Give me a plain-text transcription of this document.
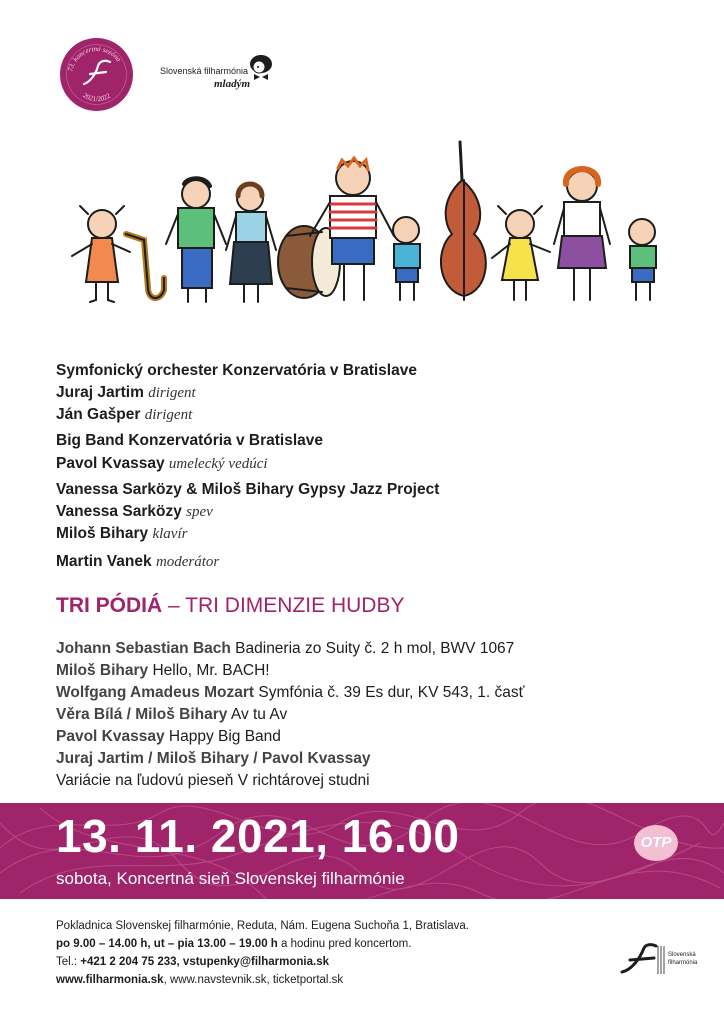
73. koncertná sezóna
2021/2022
Slovenská filharmónia
mladým
Symfonický orchester Konzervatória v Bratislave
Juraj Jartim dirigent
Ján Gašper dirigent
Big Band Konzervatória v Bratislave
Pavol Kvassay umelecký vedúci
Vanessa Sarközy & Miloš Bihary Gypsy Jazz Project
Vanessa Sarközy spev
Miloš Bihary klavír
Martin Vanek moderátor
TRI PÓDIÁ – TRI DIMENZIE HUDBY
Johann Sebastian Bach Badineria zo Suity č. 2 h mol, BWV 1067
Miloš Bihary Hello, Mr. BACH!
Wolfgang Amadeus Mozart Symfónia č. 39 Es dur, KV 543, 1. časť
Věra Bílá / Miloš Bihary Av tu Av
Pavol Kvassay Happy Big Band
Juraj Jartim / Miloš Bihary / Pavol Kvassay
Variácie na ľudovú pieseň V richtárovej studni
13. 11. 2021, 16.00
sobota, Koncertná sieň Slovenskej filharmónie
OTP
Pokladnica Slovenskej filharmónie, Reduta, Nám. Eugena Suchoňa 1, Bratislava.
po 9.00 – 14.00 h, ut – pia 13.00 – 19.00 h a hodinu pred koncertom.
Tel.: +421 2 204 75 233, vstupenky@filharmonia.sk
www.filharmonia.sk, www.navstevnik.sk, ticketportal.sk
Slovenská
filharmónia
